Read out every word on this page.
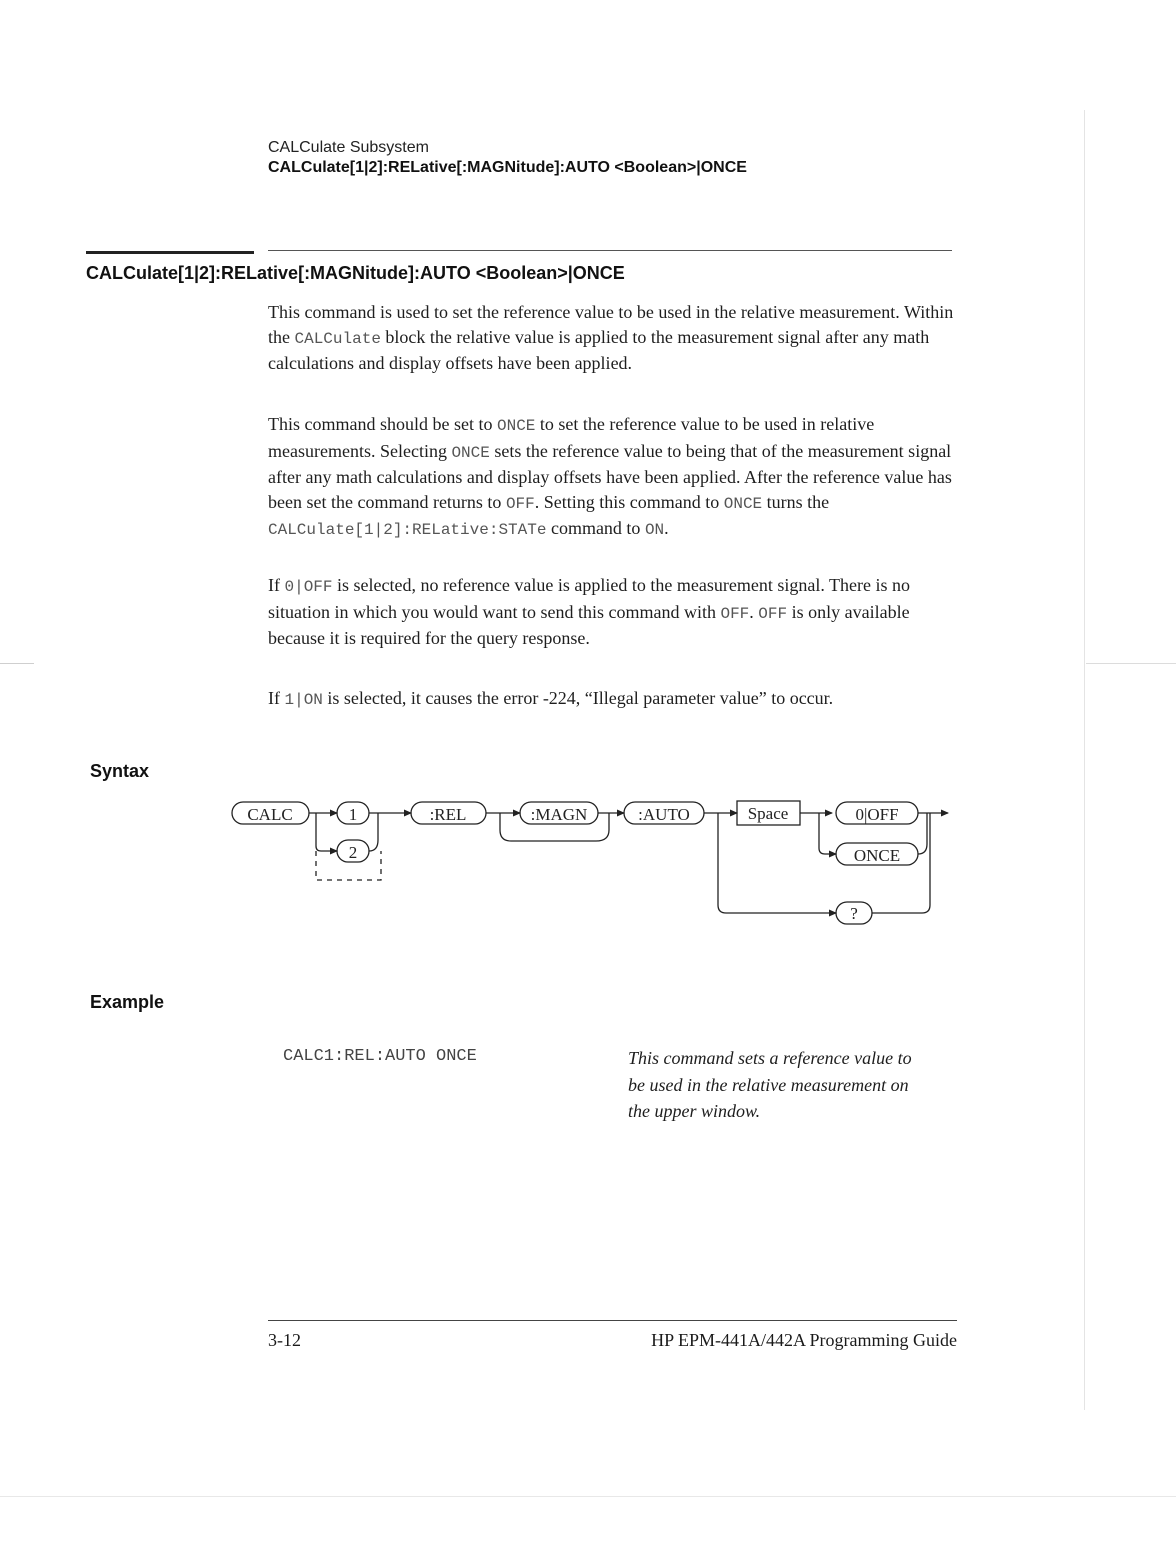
CALCulate Subsystem
CALCulate[1|2]:RELative[:MAGNitude]:AUTO <Boolean>|ONCE
CALCulate[1|2]:RELative[:MAGNitude]:AUTO <Boolean>|ONCE
This command is used to set the reference value to be used in the relative measurement. Within the CALCulate block the relative value is applied to the measurement signal after any math calculations and display offsets have been applied.
This command should be set to ONCE to set the reference value to be used in relative measurements. Selecting ONCE sets the reference value to being that of the measurement signal after any math calculations and display offsets have been applied. After the reference value has been set the command returns to OFF. Setting this command to ONCE turns the CALCulate[1|2]:RELative:STATe command to ON.
If 0|OFF is selected, no reference value is applied to the measurement signal. There is no situation in which you would want to send this command with OFF. OFF is only available because it is required for the query response.
If 1|ON is selected, it causes the error -224, “Illegal parameter value” to occur.
Syntax
CALC	1
2
:REL	:MAGN	:AUTO	Space	0|OFF
ONCE
?
Example
CALC1:REL:AUTO ONCE	This command sets a reference value to be used in the relative measurement on the upper window.
3-12	HP EPM-441A/442A Programming Guide
